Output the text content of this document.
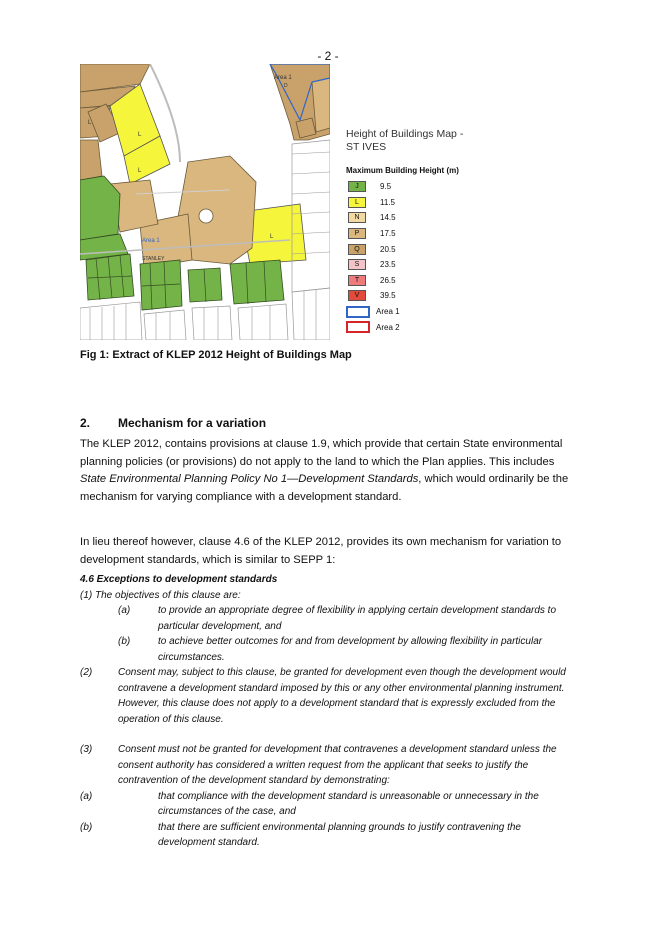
- 2 -
Area 1
D
L
L
L
L
Area 1
STANLEY
Height of Buildings Map -
ST IVES
Maximum Building Height (m)
J	9.5
L	11.5
N	14.5
P	17.5
Q	20.5
S	23.5
T	26.5
V	39.5
Area 1
Area 2
Fig 1: Extract of KLEP 2012 Height of Buildings Map
2. Mechanism for a variation
The KLEP 2012, contains provisions at clause 1.9, which provide that certain State environmental planning policies (or provisions) do not apply to the land to which the Plan applies. This includes State Environmental Planning Policy No 1—Development Standards, which would ordinarily be the mechanism for varying compliance with a development standard.
In lieu thereof however, clause 4.6 of the KLEP 2012, provides its own mechanism for variation to development standards, which is similar to SEPP 1:
4.6 Exceptions to development standards
(1) The objectives of this clause are:
(a)	to provide an appropriate degree of flexibility in applying certain development standards to particular development, and
(b)	to achieve better outcomes for and from development by allowing flexibility in particular circumstances.
(2)	Consent may, subject to this clause, be granted for development even though the development would contravene a development standard imposed by this or any other environmental planning instrument.
However, this clause does not apply to a development standard that is expressly excluded from the operation of this clause.
(3)	Consent must not be granted for development that contravenes a development standard unless the consent authority has considered a written request from the applicant that seeks to justify the contravention of the development standard by demonstrating:
(a)	that compliance with the development standard is unreasonable or unnecessary in the circumstances of the case, and
(b)	that there are sufficient environmental planning grounds to justify contravening the development standard.
